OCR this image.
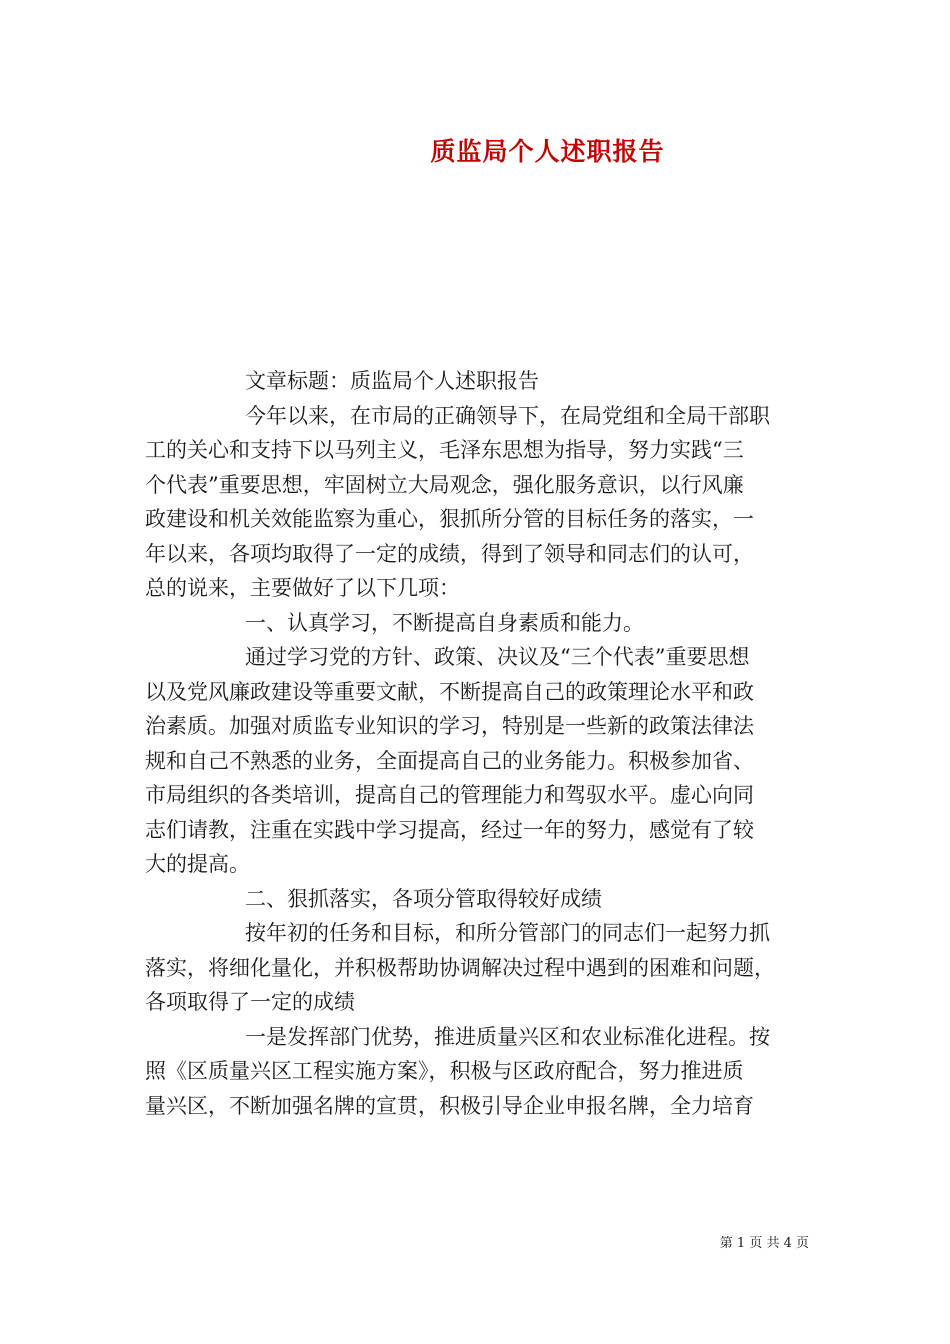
质监局个人述职报告

文章标题：质监局个人述职报告

今年以来，在市局的正确领导下，在局党组和全局干部职

工的关心和支持下以马列主义，毛泽东思想为指导，努力实践“三

个代表”重要思想，牢固树立大局观念，强化服务意识，以行风廉

政建设和机关效能监察为重心，狠抓所分管的目标任务的落实，一

年以来，各项均取得了一定的成绩，得到了领导和同志们的认可，

总的说来，主要做好了以下几项：

一、认真学习，不断提高自身素质和能力。

通过学习党的方针、政策、决议及“三个代表”重要思想

以及党风廉政建设等重要文献，不断提高自己的政策理论水平和政

治素质。加强对质监专业知识的学习，特别是一些新的政策法律法

规和自己不熟悉的业务，全面提高自己的业务能力。积极参加省、

市局组织的各类培训，提高自己的管理能力和驾驭水平。虚心向同

志们请教，注重在实践中学习提高，经过一年的努力，感觉有了较

大的提高。

二、狠抓落实，各项分管取得较好成绩

按年初的任务和目标，和所分管部门的同志们一起努力抓

落实，将细化量化，并积极帮助协调解决过程中遇到的困难和问题，

各项取得了一定的成绩

一是发挥部门优势，推进质量兴区和农业标准化进程。按

照《区质量兴区工程实施方案》，积极与区政府配合，努力推进质

量兴区，不断加强名牌的宣贯，积极引导企业申报名牌，全力培育

第 1 页 共 4 页
